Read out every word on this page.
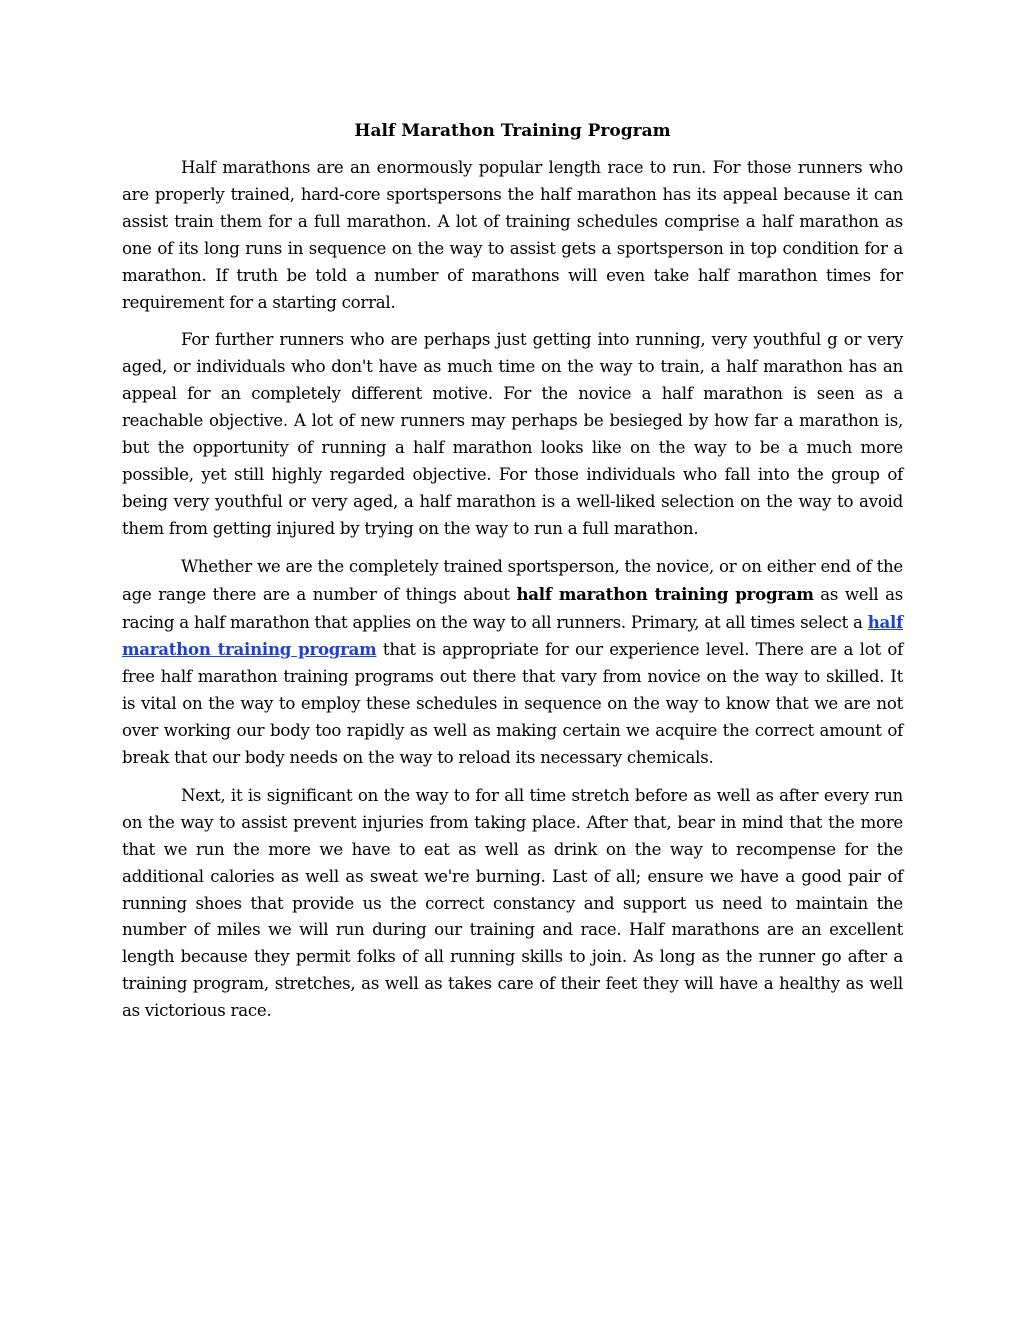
Half Marathon Training Program

Half marathons are an enormously popular length race to run. For those runners who are properly trained, hard-core sportspersons the half marathon has its appeal because it can assist train them for a full marathon. A lot of training schedules comprise a half marathon as one of its long runs in sequence on the way to assist gets a sportsperson in top condition for a marathon. If truth be told a number of marathons will even take half marathon times for requirement for a starting corral.

For further runners who are perhaps just getting into running, very youthful g or very aged, or individuals who don't have as much time on the way to train, a half marathon has an appeal for an completely different motive. For the novice a half marathon is seen as a reachable objective. A lot of new runners may perhaps be besieged by how far a marathon is, but the opportunity of running a half marathon looks like on the way to be a much more possible, yet still highly regarded objective. For those individuals who fall into the group of being very youthful or very aged, a half marathon is a well-liked selection on the way to avoid them from getting injured by trying on the way to run a full marathon.

Whether we are the completely trained sportsperson, the novice, or on either end of the age range there are a number of things about half marathon training program as well as racing a half marathon that applies on the way to all runners. Primary, at all times select a half marathon training program that is appropriate for our experience level. There are a lot of free half marathon training programs out there that vary from novice on the way to skilled. It is vital on the way to employ these schedules in sequence on the way to know that we are not over working our body too rapidly as well as making certain we acquire the correct amount of break that our body needs on the way to reload its necessary chemicals.

Next, it is significant on the way to for all time stretch before as well as after every run on the way to assist prevent injuries from taking place. After that, bear in mind that the more that we run the more we have to eat as well as drink on the way to recompense for the additional calories as well as sweat we're burning. Last of all; ensure we have a good pair of running shoes that provide us the correct constancy and support us need to maintain the number of miles we will run during our training and race. Half marathons are an excellent length because they permit folks of all running skills to join. As long as the runner go after a training program, stretches, as well as takes care of their feet they will have a healthy as well as victorious race.
